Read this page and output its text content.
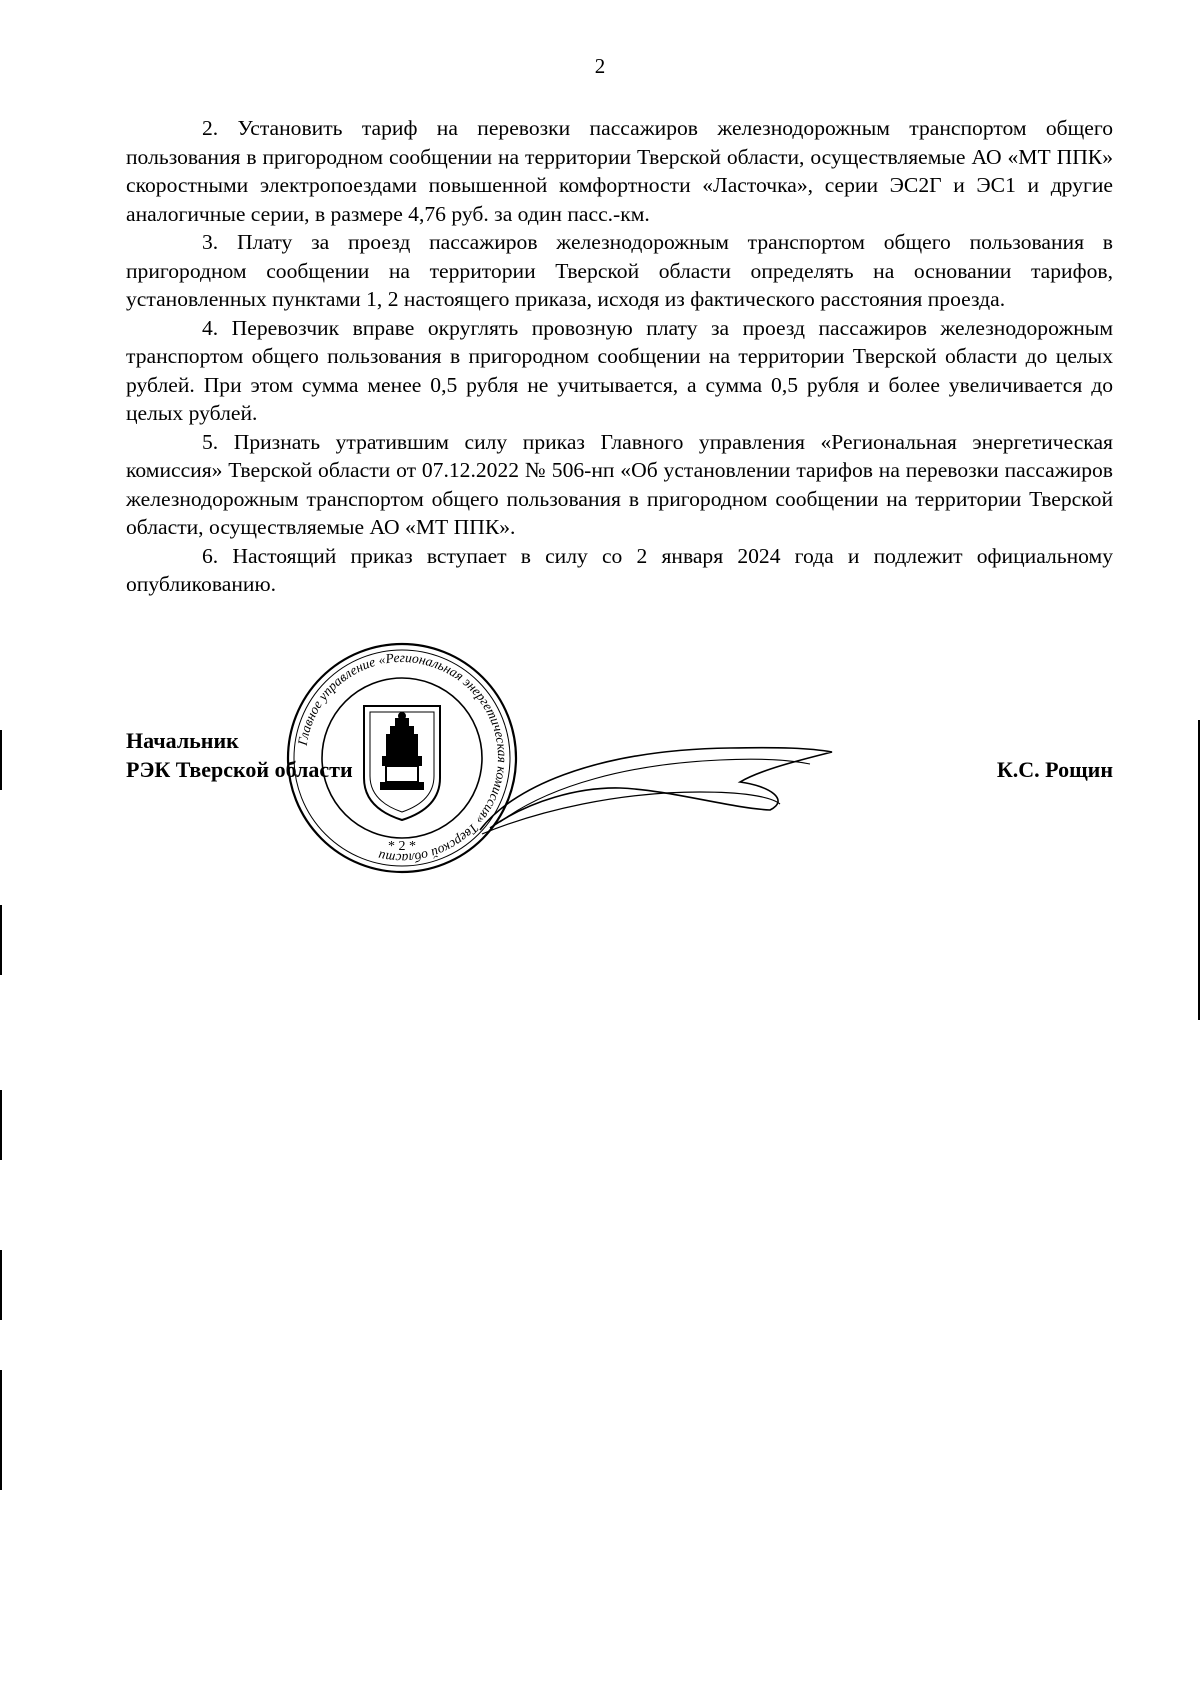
2

2. Установить тариф на перевозки пассажиров железнодорожным транспортом общего пользования в пригородном сообщении на территории Тверской области, осуществляемые АО «МТ ППК» скоростными электропоездами повышенной комфортности «Ласточка», серии ЭС2Г и ЭС1 и другие аналогичные серии, в размере 4,76 руб. за один пасс.-км.

3. Плату за проезд пассажиров железнодорожным транспортом общего пользования в пригородном сообщении на территории Тверской области определять на основании тарифов, установленных пунктами 1, 2 настоящего приказа, исходя из фактического расстояния проезда.

4. Перевозчик вправе округлять провозную плату за проезд пассажиров железнодорожным транспортом общего пользования в пригородном сообщении на территории Тверской области до целых рублей. При этом сумма менее 0,5 рубля не учитывается, а сумма 0,5 рубля и более увеличивается до целых рублей.

5. Признать утратившим силу приказ Главного управления «Региональная энергетическая комиссия» Тверской области от 07.12.2022 № 506-нп «Об установлении тарифов на перевозки пассажиров железнодорожным транспортом общего пользования в пригородном сообщении на территории Тверской области, осуществляемые АО «МТ ППК».

6. Настоящий приказ вступает в силу со 2 января 2024 года и подлежит официальному опубликованию.

Начальник
РЭК Тверской области	К.С. Рощин
Главное управление «Региональная энергетическая комиссия» Тверской области
* 2 *
